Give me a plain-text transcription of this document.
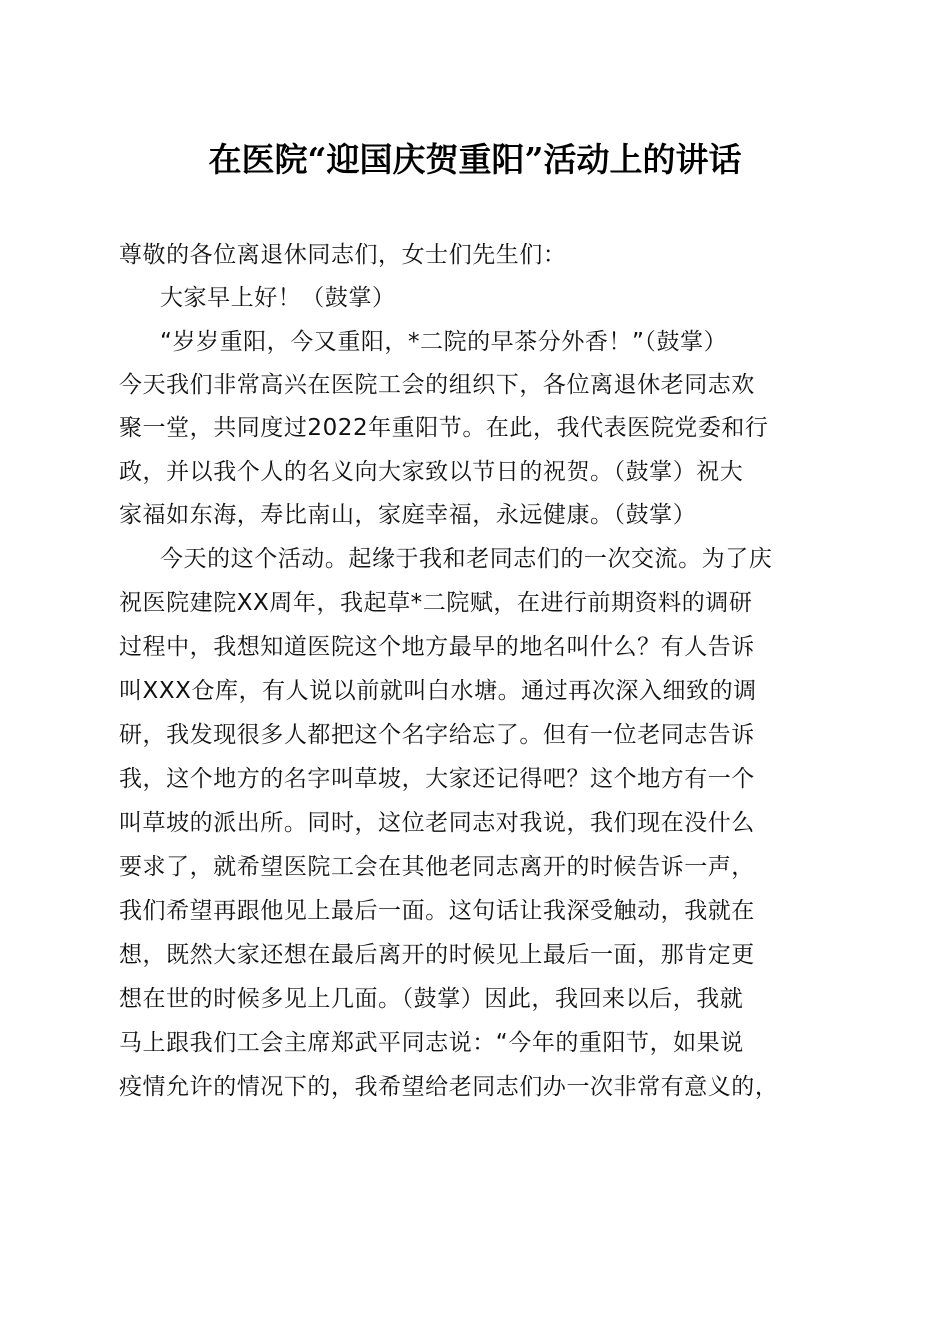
在医院“迎国庆贺重阳”活动上的讲话
尊敬的各位离退休同志们，女士们先生们：
大家早上好！（鼓掌）
“岁岁重阳，今又重阳，*二院的早茶分外香！”（鼓掌）
今天我们非常高兴在医院工会的组织下，各位离退休老同志欢
聚一堂，共同度过2022年重阳节。在此，我代表医院党委和行
政，并以我个人的名义向大家致以节日的祝贺。（鼓掌）祝大
家福如东海，寿比南山，家庭幸福，永远健康。（鼓掌）
今天的这个活动。起缘于我和老同志们的一次交流。为了庆
祝医院建院XX周年，我起草*二院赋，在进行前期资料的调研
过程中，我想知道医院这个地方最早的地名叫什么？有人告诉
叫XXX仓库，有人说以前就叫白水塘。通过再次深入细致的调
研，我发现很多人都把这个名字给忘了。但有一位老同志告诉
我，这个地方的名字叫草坡，大家还记得吧？这个地方有一个
叫草坡的派出所。同时，这位老同志对我说，我们现在没什么
要求了，就希望医院工会在其他老同志离开的时候告诉一声，
我们希望再跟他见上最后一面。这句话让我深受触动，我就在
想，既然大家还想在最后离开的时候见上最后一面，那肯定更
想在世的时候多见上几面。（鼓掌）因此，我回来以后，我就
马上跟我们工会主席郑武平同志说：“今年的重阳节，如果说
疫情允许的情况下的，我希望给老同志们办一次非常有意义的，
